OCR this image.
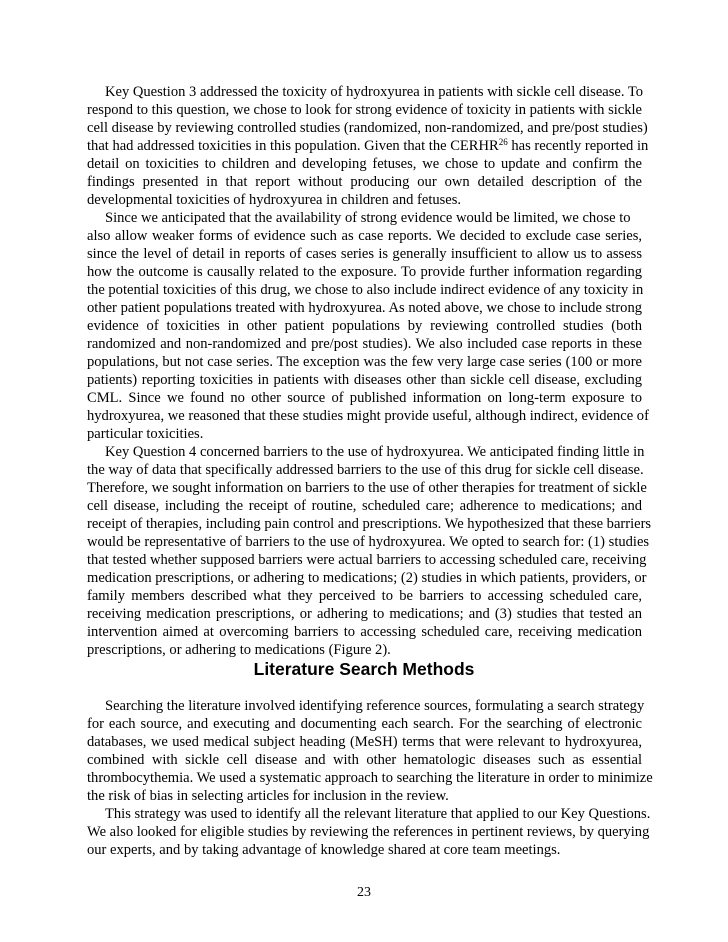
Key Question 3 addressed the toxicity of hydroxyurea in patients with sickle cell disease. To
respond to this question, we chose to look for strong evidence of toxicity in patients with sickle
cell disease by reviewing controlled studies (randomized, non-randomized, and pre/post studies)
that had addressed toxicities in this population. Given that the CERHR$^{26}$ has recently reported in
detail on toxicities to children and developing fetuses, we chose to update and confirm the
findings presented in that report without producing our own detailed description of the
developmental toxicities of hydroxyurea in children and fetuses.
Since we anticipated that the availability of strong evidence would be limited, we chose to
also allow weaker forms of evidence such as case reports. We decided to exclude case series,
since the level of detail in reports of cases series is generally insufficient to allow us to assess
how the outcome is causally related to the exposure. To provide further information regarding
the potential toxicities of this drug, we chose to also include indirect evidence of any toxicity in
other patient populations treated with hydroxyurea. As noted above, we chose to include strong
evidence of toxicities in other patient populations by reviewing controlled studies (both
randomized and non-randomized and pre/post studies). We also included case reports in these
populations, but not case series. The exception was the few very large case series (100 or more
patients) reporting toxicities in patients with diseases other than sickle cell disease, excluding
CML. Since we found no other source of published information on long-term exposure to
hydroxyurea, we reasoned that these studies might provide useful, although indirect, evidence of
particular toxicities.
Key Question 4 concerned barriers to the use of hydroxyurea. We anticipated finding little in
the way of data that specifically addressed barriers to the use of this drug for sickle cell disease.
Therefore, we sought information on barriers to the use of other therapies for treatment of sickle
cell disease, including the receipt of routine, scheduled care; adherence to medications; and
receipt of therapies, including pain control and prescriptions. We hypothesized that these barriers
would be representative of barriers to the use of hydroxyurea. We opted to search for: (1) studies
that tested whether supposed barriers were actual barriers to accessing scheduled care, receiving
medication prescriptions, or adhering to medications; (2) studies in which patients, providers, or
family members described what they perceived to be barriers to accessing scheduled care,
receiving medication prescriptions, or adhering to medications; and (3) studies that tested an
intervention aimed at overcoming barriers to accessing scheduled care, receiving medication
prescriptions, or adhering to medications (Figure 2).
Literature Search Methods
Searching the literature involved identifying reference sources, formulating a search strategy
for each source, and executing and documenting each search. For the searching of electronic
databases, we used medical subject heading (MeSH) terms that were relevant to hydroxyurea,
combined with sickle cell disease and with other hematologic diseases such as essential
thrombocythemia. We used a systematic approach to searching the literature in order to minimize
the risk of bias in selecting articles for inclusion in the review.
This strategy was used to identify all the relevant literature that applied to our Key Questions.
We also looked for eligible studies by reviewing the references in pertinent reviews, by querying
our experts, and by taking advantage of knowledge shared at core team meetings.
23
